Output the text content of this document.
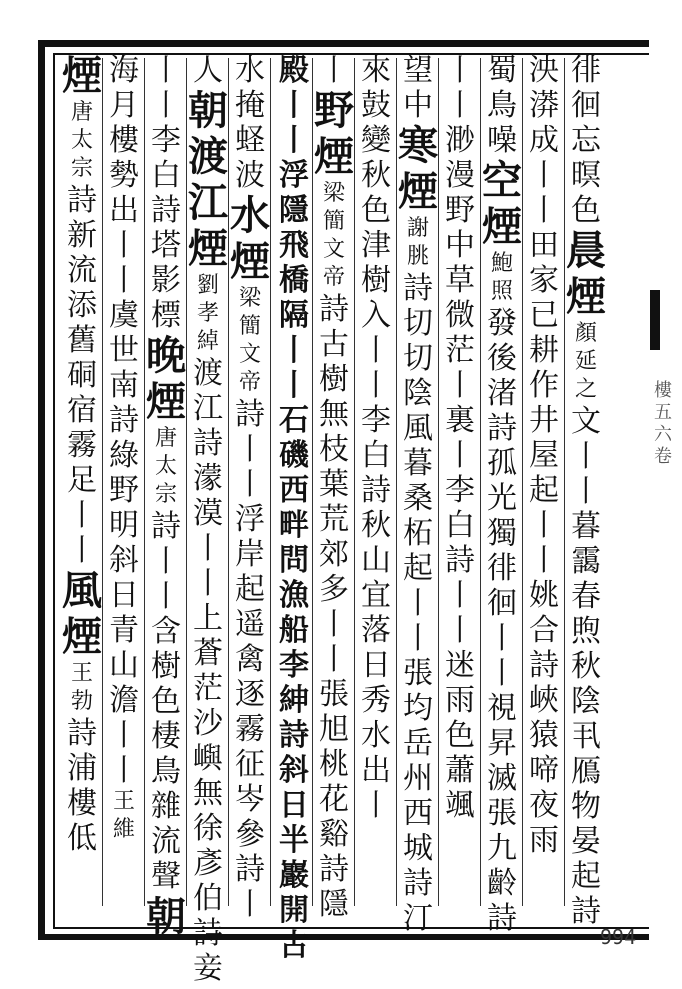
樓五六卷
994
徘
徊
忘
暝
色
晨
煙
顏
延
之
文
丨
丨
暮
靄
春
煦
秋
陰
丮
鴈
物
晏
起
詩
泱
漭
成
丨
丨
田
家
已
耕
作
井
屋
起
丨
丨
姚
合
詩
峽
猿
啼
夜
雨
蜀
鳥
噪
空
煙
鮑
照
發
後
渚
詩
孤
光
獨
徘
徊
丨
丨
視
昇
滅
張
九
齡
詩
丨
丨
渺
漫
野
中
草
微
茫
丨
裏
丨
李
白
詩
丨
丨
迷
雨
色
蕭
颯
望
中
寒
煙
謝
朓
詩
切
切
陰
風
暮
桑
柘
起
丨
丨
張
均
岳
州
西
城
詩
汀
來
鼓
變
秋
色
津
樹
入
丨
丨
李
白
詩
秋
山
宜
落
日
秀
水
出
丨
丨
野
煙
梁
簡
文
帝
詩
古
樹
無
枝
葉
荒
郊
多
丨
丨
張
旭
桃
花
谿
詩
隱
殿
丨
丨
浮
隱
飛
橋
隔
丨
丨
石
磯
西
畔
問
漁
船
李
紳
詩
斜
日
半
巖
開
古
水
掩
蛏
波
水
煙
梁
簡
文
帝
詩
丨
丨
浮
岸
起
遥
禽
逐
霧
征
岑
參
詩
丨
人
朝
渡
江
煙
劉
孝
綽
渡
江
詩
濛
漠
丨
丨
上
蒼
茫
沙
嶼
無
徐
彥
伯
詩
妾
丨
丨
李
白
詩
塔
影
標
晚
煙
唐
太
宗
詩
丨
丨
含
樹
色
棲
鳥
雜
流
聲
朝
海
月
樓
勢
出
丨
丨
虞
世
南
詩
綠
野
明
斜
日
青
山
澹
丨
丨
王
維
煙
唐
太
宗
詩
新
流
添
舊
硐
宿
霧
足
丨
丨
風
煙
王
勃
詩
浦
樓
低
